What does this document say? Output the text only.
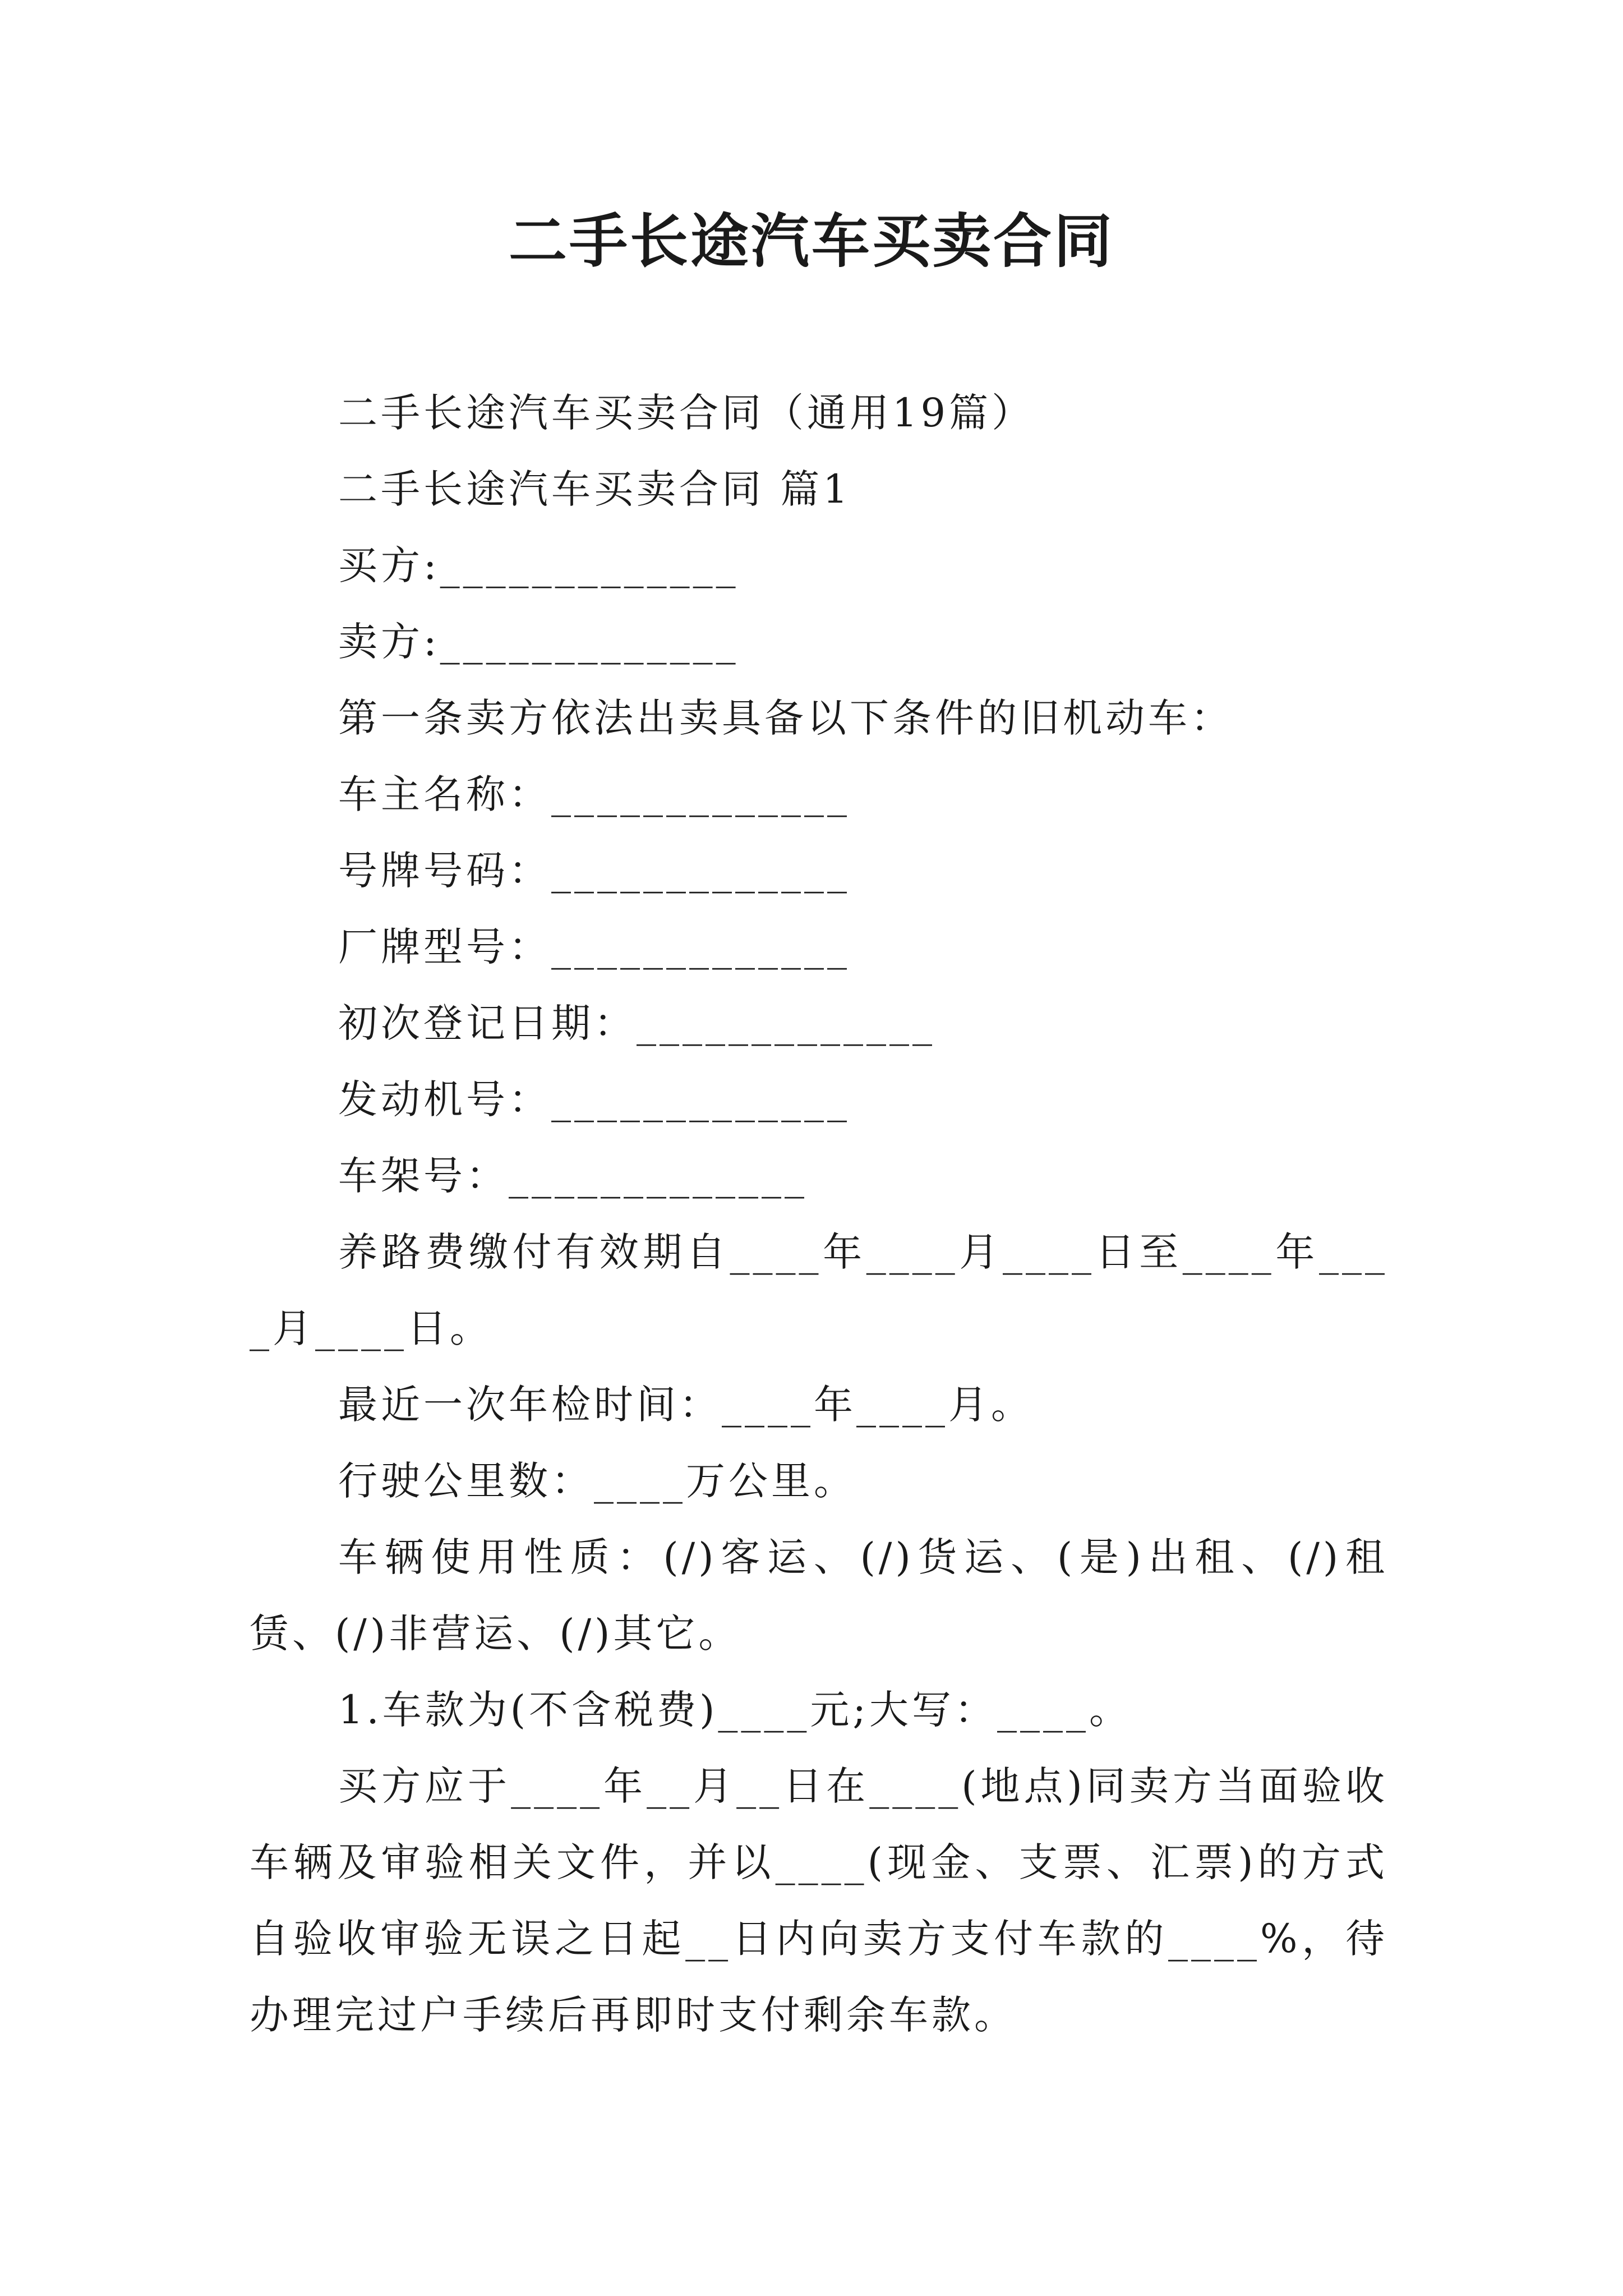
二手长途汽车买卖合同

二手长途汽车买卖合同（通用19篇）

二手长途汽车买卖合同 篇1

买方:_____________

卖方:_____________

第一条卖方依法出卖具备以下条件的旧机动车：

车主名称：_____________

号牌号码：_____________

厂牌型号：_____________

初次登记日期：_____________

发动机号：_____________

车架号：_____________

养路费缴付有效期自____年____月____日至____年____月____日。

最近一次年检时间：____年____月。

行驶公里数：____万公里。

车辆使用性质：(/)客运、(/)货运、(是)出租、(/)租赁、(/)非营运、(/)其它。

1.车款为(不含税费)____元;大写：____。

买方应于____年__月__日在____(地点)同卖方当面验收车辆及审验相关文件，并以____(现金、支票、汇票)的方式自验收审验无误之日起__日内向卖方支付车款的____%，待办理完过户手续后再即时支付剩余车款。
